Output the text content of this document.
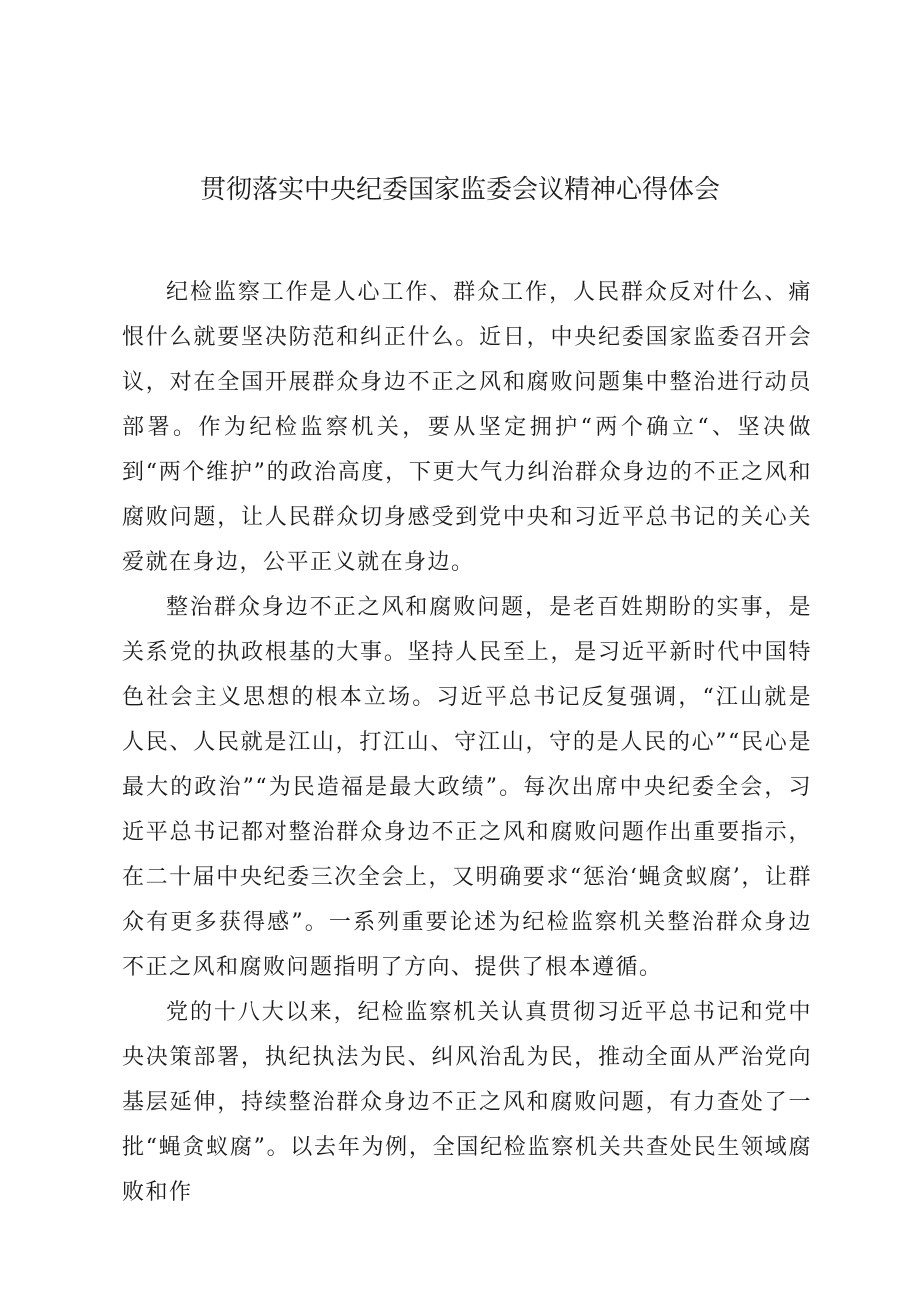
贯彻落实中央纪委国家监委会议精神心得体会

纪检监察工作是人心工作、群众工作，人民群众反对什么、痛恨什么就要坚决防范和纠正什么。近日，中央纪委国家监委召开会议，对在全国开展群众身边不正之风和腐败问题集中整治进行动员部署。作为纪检监察机关，要从坚定拥护“两个确立“、坚决做到“两个维护”的政治高度，下更大气力纠治群众身边的不正之风和腐败问题，让人民群众切身感受到党中央和习近平总书记的关心关爱就在身边，公平正义就在身边。

整治群众身边不正之风和腐败问题，是老百姓期盼的实事，是关系党的执政根基的大事。坚持人民至上，是习近平新时代中国特色社会主义思想的根本立场。习近平总书记反复强调，“江山就是人民、人民就是江山，打江山、守江山，守的是人民的心”“民心是最大的政治”“为民造福是最大政绩”。每次出席中央纪委全会，习近平总书记都对整治群众身边不正之风和腐败问题作出重要指示，在二十届中央纪委三次全会上，又明确要求“惩治‘蝇贪蚁腐’，让群众有更多获得感”。一系列重要论述为纪检监察机关整治群众身边不正之风和腐败问题指明了方向、提供了根本遵循。

党的十八大以来，纪检监察机关认真贯彻习近平总书记和党中央决策部署，执纪执法为民、纠风治乱为民，推动全面从严治党向基层延伸，持续整治群众身边不正之风和腐败问题，有力查处了一批“蝇贪蚁腐”。以去年为例，全国纪检监察机关共查处民生领域腐败和作
